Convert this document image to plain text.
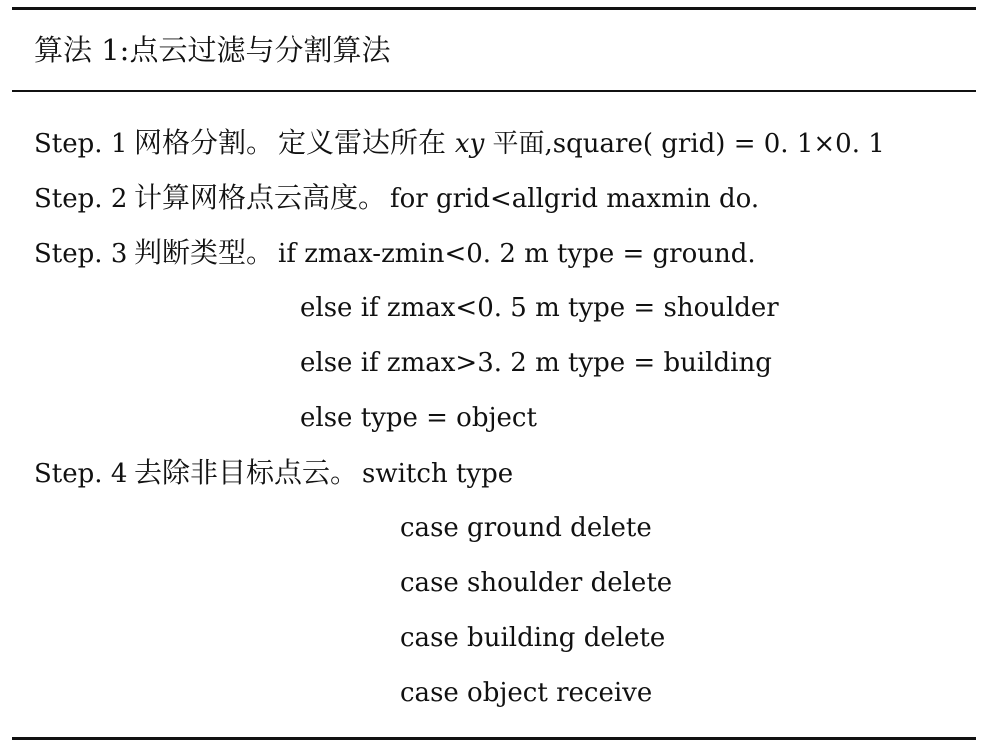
算法 1:点云过滤与分割算法
Step. 1 网格分割。 定义雷达所在 xy 平面,square( grid) = 0. 1×0. 1
Step. 2 计算网格点云高度。 for grid<allgrid maxmin do.
Step. 3 判断类型。 if zmax-zmin<0. 2 m type = ground.
else if zmax<0. 5 m type = shoulder
else if zmax>3. 2 m type = building
else type = object
Step. 4 去除非目标点云。 switch type
case ground delete
case shoulder delete
case building delete
case object receive
